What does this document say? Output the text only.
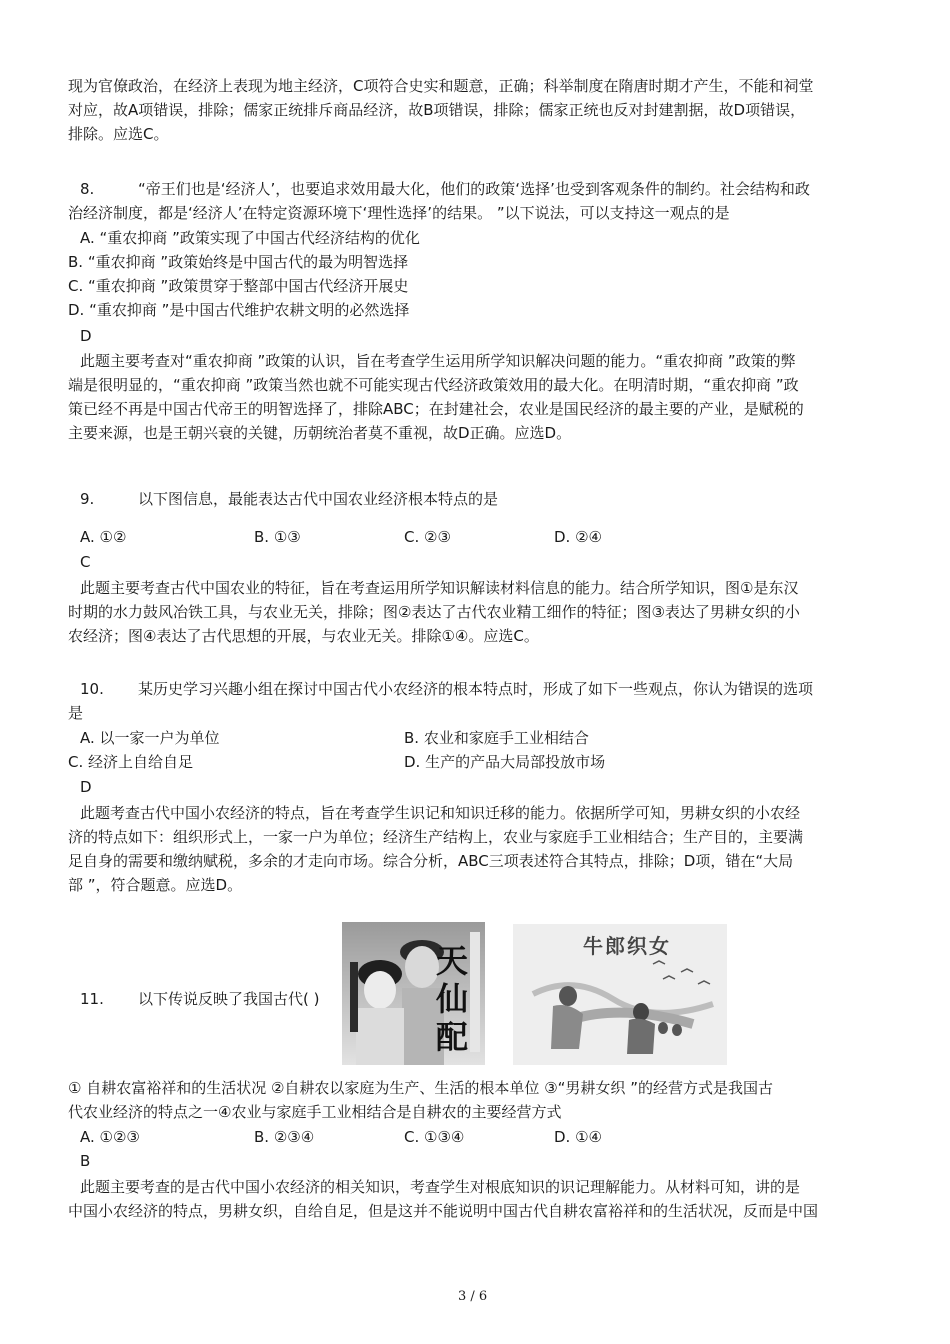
现为官僚政治，在经济上表现为地主经济，C项符合史实和题意，正确；科举制度在隋唐时期才产生，不能和祠堂
对应，故A项错误，排除；儒家正统排斥商品经济，故B项错误，排除；儒家正统也反对封建割据，故D项错误，
排除。应选C。
8.	“帝王们也是‘经济人’，也要追求效用最大化，他们的政策‘选择’也受到客观条件的制约。社会结构和政
治经济制度，都是‘经济人’在特定资源环境下‘理性选择’的结果。 ”以下说法，可以支持这一观点的是
A. “重农抑商 ”政策实现了中国古代经济结构的优化
B. “重农抑商 ”政策始终是中国古代的最为明智选择
C. “重农抑商 ”政策贯穿于整部中国古代经济开展史
D. “重农抑商 ”是中国古代维护农耕文明的必然选择
D
此题主要考查对“重农抑商 ”政策的认识，旨在考查学生运用所学知识解决问题的能力。“重农抑商 ”政策的弊
端是很明显的，“重农抑商 ”政策当然也就不可能实现古代经济政策效用的最大化。在明清时期，“重农抑商 ”政
策已经不再是中国古代帝王的明智选择了，排除ABC；在封建社会，农业是国民经济的最主要的产业，是赋税的
主要来源，也是王朝兴衰的关键，历朝统治者莫不重视，故D正确。应选D。
9.	以下图信息，最能表达古代中国农业经济根本特点的是
A. ①②	B. ①③	C. ②③	D. ②④
C
此题主要考查古代中国农业的特征，旨在考查运用所学知识解读材料信息的能力。结合所学知识，图①是东汉
时期的水力鼓风冶铁工具，与农业无关，排除；图②表达了古代农业精工细作的特征；图③表达了男耕女织的小
农经济；图④表达了古代思想的开展，与农业无关。排除①④。应选C。
10. 某历史学习兴趣小组在探讨中国古代小农经济的根本特点时，形成了如下一些观点，你认为错误的选项
是
A. 以一家一户为单位	B. 农业和家庭手工业相结合
C. 经济上自给自足	D. 生产的产品大局部投放市场
D
此题考查古代中国小农经济的特点，旨在考查学生识记和知识迁移的能力。依据所学可知，男耕女织的小农经
济的特点如下：组织形式上，一家一户为单位；经济生产结构上，农业与家庭手工业相结合；生产目的，主要满
足自身的需要和缴纳赋税，多余的才走向市场。综合分析，ABC三项表述符合其特点，排除；D项，错在“大局
部 ”，符合题意。应选D。
11. 以下传说反映了我国古代( )
天
仙
配
牛郎织女
① 自耕农富裕祥和的生活状况 ②自耕农以家庭为生产、生活的根本单位 ③“男耕女织 ”的经营方式是我国古
代农业经济的特点之一④农业与家庭手工业相结合是自耕农的主要经营方式
A. ①②③	B. ②③④	C. ①③④	D. ①④
B
此题主要考查的是古代中国小农经济的相关知识，考查学生对根底知识的识记理解能力。从材料可知，讲的是
中国小农经济的特点，男耕女织，自给自足，但是这并不能说明中国古代自耕农富裕祥和的生活状况，反而是中国
3 / 6
